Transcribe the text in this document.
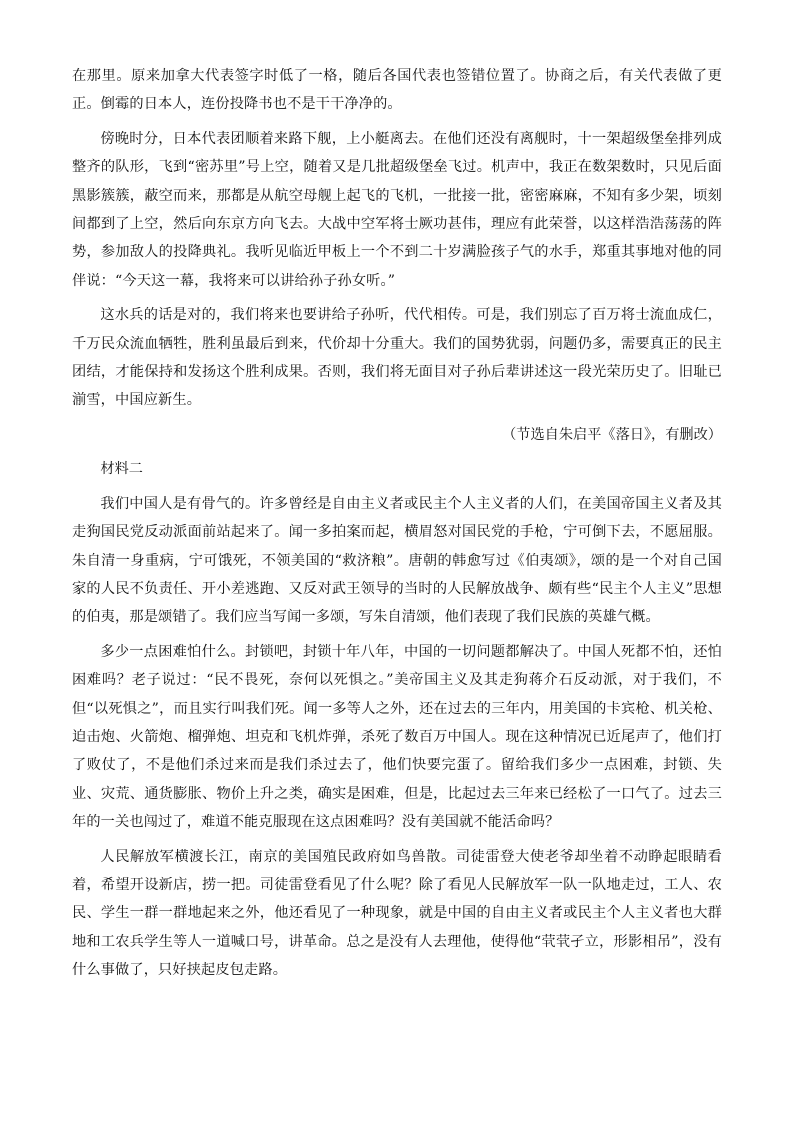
在那里。原来加拿大代表签字时低了一格，随后各国代表也签错位置了。协商之后，有关代表做了更正。倒霉的日本人，连份投降书也不是干干净净的。

傍晚时分，日本代表团顺着来路下舰，上小艇离去。在他们还没有离舰时，十一架超级堡垒排列成整齐的队形，飞到“密苏里”号上空，随着又是几批超级堡垒飞过。机声中，我正在数架数时，只见后面黑影簇簇，蔽空而来，那都是从航空母舰上起飞的飞机，一批接一批，密密麻麻，不知有多少架，顷刻间都到了上空，然后向东京方向飞去。大战中空军将士厥功甚伟，理应有此荣誉，以这样浩浩荡荡的阵势，参加敌人的投降典礼。我听见临近甲板上一个不到二十岁满脸孩子气的水手，郑重其事地对他的同伴说：“今天这一幕，我将来可以讲给孙子孙女听。”

这水兵的话是对的，我们将来也要讲给子孙听，代代相传。可是，我们别忘了百万将士流血成仁，千万民众流血牺牲，胜利虽最后到来，代价却十分重大。我们的国势犹弱，问题仍多，需要真正的民主团结，才能保持和发扬这个胜利成果。否则，我们将无面目对子孙后辈讲述这一段光荣历史了。旧耻已湔雪，中国应新生。

（节选自朱启平《落日》，有删改）

材料二

我们中国人是有骨气的。许多曾经是自由主义者或民主个人主义者的人们，在美国帝国主义者及其走狗国民党反动派面前站起来了。闻一多拍案而起，横眉怒对国民党的手枪，宁可倒下去，不愿屈服。朱自清一身重病，宁可饿死，不领美国的“救济粮”。唐朝的韩愈写过《伯夷颂》，颂的是一个对自己国家的人民不负责任、开小差逃跑、又反对武王领导的当时的人民解放战争、颇有些“民主个人主义”思想的伯夷，那是颂错了。我们应当写闻一多颂，写朱自清颂，他们表现了我们民族的英雄气概。

多少一点困难怕什么。封锁吧，封锁十年八年，中国的一切问题都解决了。中国人死都不怕，还怕困难吗？老子说过：“民不畏死，奈何以死惧之。”美帝国主义及其走狗蒋介石反动派，对于我们，不但“以死惧之”，而且实行叫我们死。闻一多等人之外，还在过去的三年内，用美国的卡宾枪、机关枪、迫击炮、火箭炮、榴弹炮、坦克和飞机炸弹，杀死了数百万中国人。现在这种情况已近尾声了，他们打了败仗了，不是他们杀过来而是我们杀过去了，他们快要完蛋了。留给我们多少一点困难，封锁、失业、灾荒、通货膨胀、物价上升之类，确实是困难，但是，比起过去三年来已经松了一口气了。过去三年的一关也闯过了，难道不能克服现在这点困难吗？没有美国就不能活命吗？

人民解放军横渡长江，南京的美国殖民政府如鸟兽散。司徒雷登大使老爷却坐着不动睁起眼睛看着，希望开设新店，捞一把。司徒雷登看见了什么呢？除了看见人民解放军一队一队地走过，工人、农民、学生一群一群地起来之外，他还看见了一种现象，就是中国的自由主义者或民主个人主义者也大群地和工农兵学生等人一道喊口号，讲革命。总之是没有人去理他，使得他“茕茕孑立，形影相吊”，没有什么事做了，只好挟起皮包走路。
